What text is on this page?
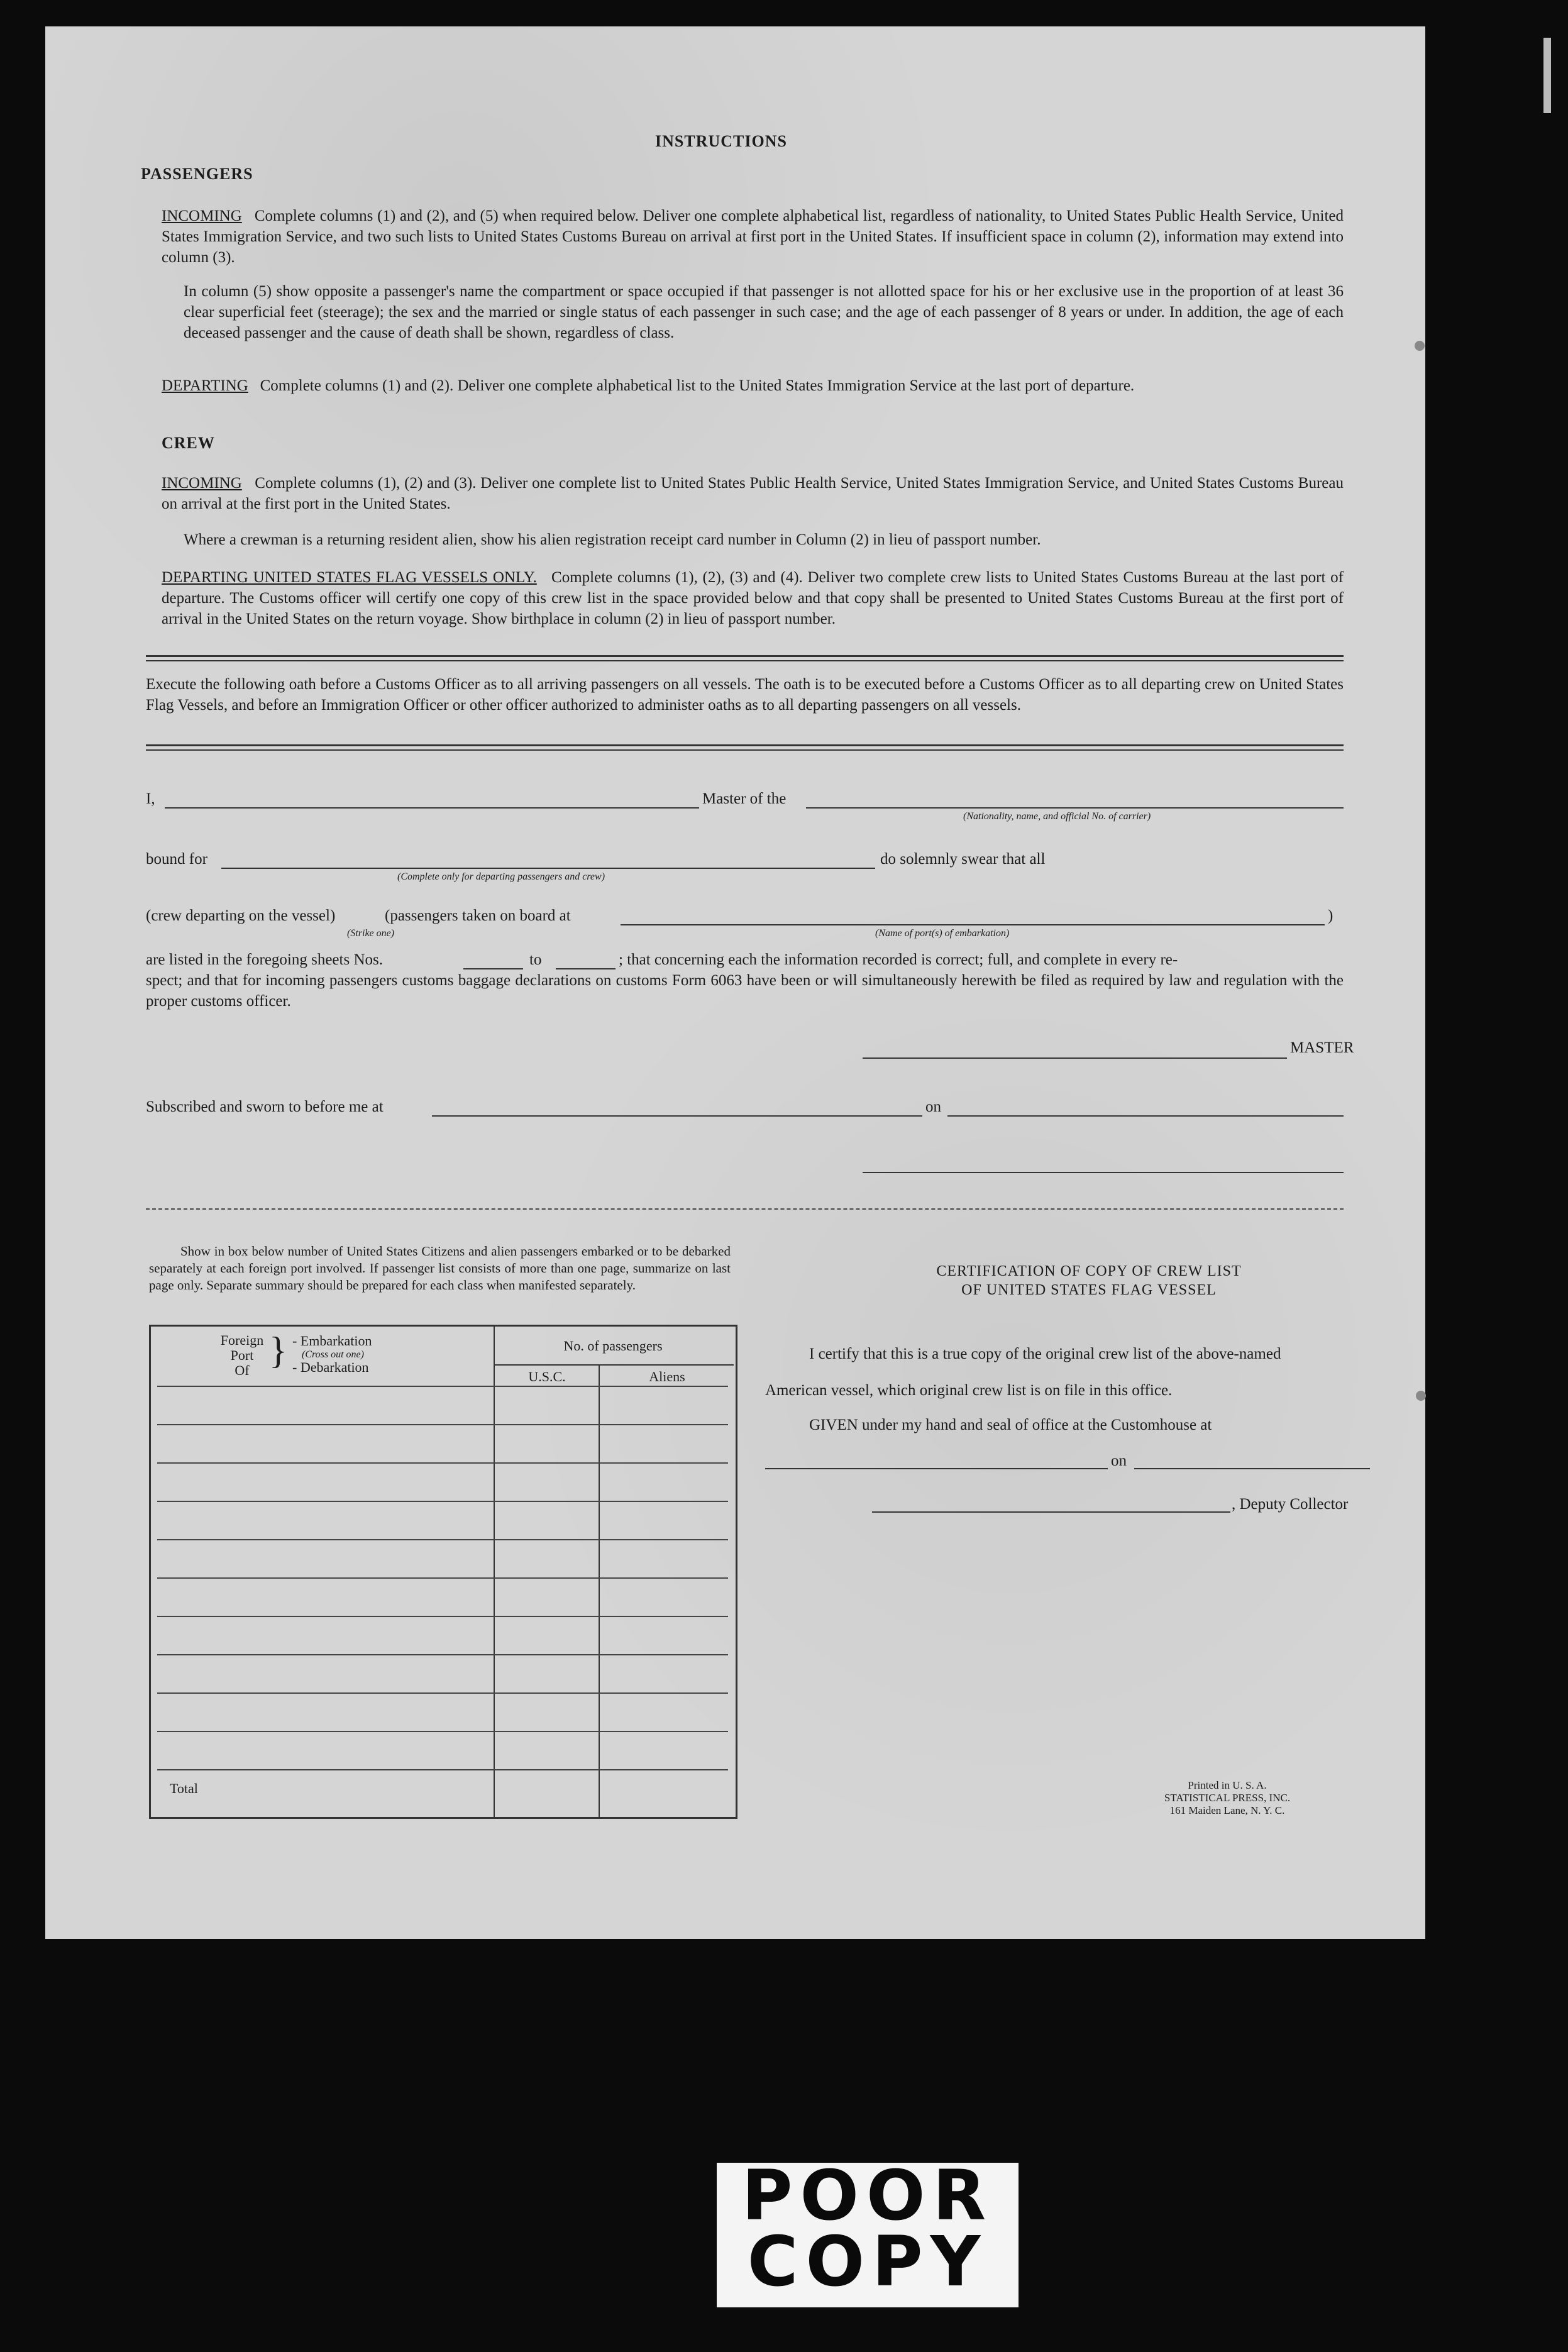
INSTRUCTIONS
PASSENGERS
INCOMING Complete columns (1) and (2), and (5) when required below. Deliver one complete alphabetical list, regardless of nationality, to United States Public Health Service, United States Immigration Service, and two such lists to United States Customs Bureau on arrival at first port in the United States. If insufficient space in column (2), information may extend into column (3).
In column (5) show opposite a passenger's name the compartment or space occupied if that passenger is not allotted space for his or her exclusive use in the proportion of at least 36 clear superficial feet (steerage); the sex and the married or single status of each passenger in such case; and the age of each passenger of 8 years or under. In addition, the age of each deceased passenger and the cause of death shall be shown, regardless of class.
DEPARTING Complete columns (1) and (2). Deliver one complete alphabetical list to the United States Immigration Service at the last port of departure.
CREW
INCOMING Complete columns (1), (2) and (3). Deliver one complete list to United States Public Health Service, United States Immigration Service, and United States Customs Bureau on arrival at the first port in the United States.
Where a crewman is a returning resident alien, show his alien registration receipt card number in Column (2) in lieu of passport number.
DEPARTING UNITED STATES FLAG VESSELS ONLY. Complete columns (1), (2), (3) and (4). Deliver two complete crew lists to United States Customs Bureau at the last port of departure. The Customs officer will certify one copy of this crew list in the space provided below and that copy shall be presented to United States Customs Bureau at the first port of arrival in the United States on the return voyage. Show birthplace in column (2) in lieu of passport number.
Execute the following oath before a Customs Officer as to all arriving passengers on all vessels. The oath is to be executed before a Customs Officer as to all departing crew on United States Flag Vessels, and before an Immigration Officer or other officer authorized to administer oaths as to all departing passengers on all vessels.
I,	Master of the
(Nationality, name, and official No. of carrier)
bound for
(Complete only for departing passengers and crew)
do solemnly swear that all
(crew departing on the vessel)	(passengers taken on board at	)
(Strike one)	(Name of port(s) of embarkation)
are listed in the foregoing sheets Nos.	to	; that concerning each the information recorded is correct; full, and complete in every re-
spect; and that for incoming passengers customs baggage declarations on customs Form 6063 have been or will simultaneously herewith be filed as required by law and regulation with the proper customs officer.
MASTER
Subscribed and sworn to before me at	on
Show in box below number of United States Citizens and alien passengers embarked or to be debarked separately at each foreign port involved. If passenger list consists of more than one page, summarize on last page only. Separate summary should be prepared for each class when manifested separately.
Foreign
Port
Of } - Embarkation
(Cross out one)
- Debarkation
No. of passengers
U.S.C.	Aliens
Total
CERTIFICATION OF COPY OF CREW LIST
OF UNITED STATES FLAG VESSEL
I certify that this is a true copy of the original crew list of the above-named
American vessel, which original crew list is on file in this office.
GIVEN under my hand and seal of office at the Customhouse at
on
, Deputy Collector
Printed in U. S. A.
STATISTICAL PRESS, INC.
161 Maiden Lane, N. Y. C.
POOR
COPY
